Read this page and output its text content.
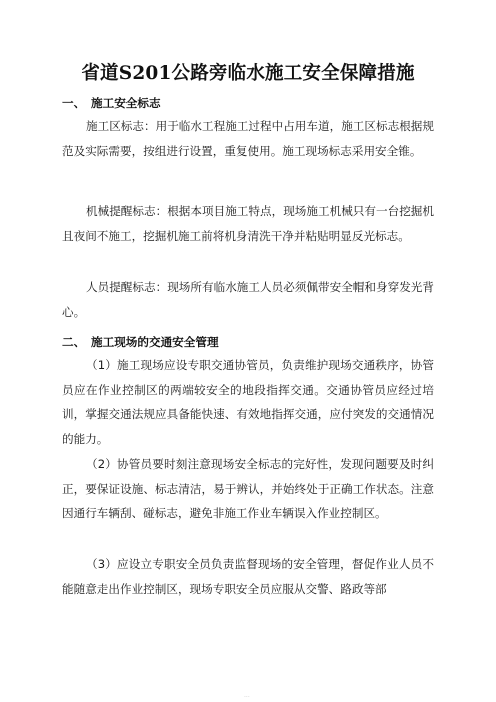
省道S201公路旁临水施工安全保障措施
一、 施工安全标志

施工区标志：用于临水工程施工过程中占用车道，施工区标志根据规范及实际需要，按组进行设置，重复使用。施工现场标志采用安全锥。

机械提醒标志：根据本项目施工特点，现场施工机械只有一台挖掘机且夜间不施工，挖掘机施工前将机身清洗干净并粘贴明显反光标志。

人员提醒标志：现场所有临水施工人员必须佩带安全帽和身穿发光背心。

二、 施工现场的交通安全管理

（1）施工现场应设专职交通协管员，负责维护现场交通秩序，协管员应在作业控制区的两端较安全的地段指挥交通。交通协管员应经过培训，掌握交通法规应具备能快速、有效地指挥交通，应付突发的交通情况的能力。

（2）协管员要时刻注意现场安全标志的完好性，发现问题要及时纠正，要保证设施、标志清洁，易于辨认，并始终处于正确工作状态。注意因通行车辆刮、碰标志，避免非施工作业车辆误入作业控制区。

（3）应设立专职安全员负责监督现场的安全管理，督促作业人员不能随意走出作业控制区，现场专职安全员应服从交警、路政等部

...
